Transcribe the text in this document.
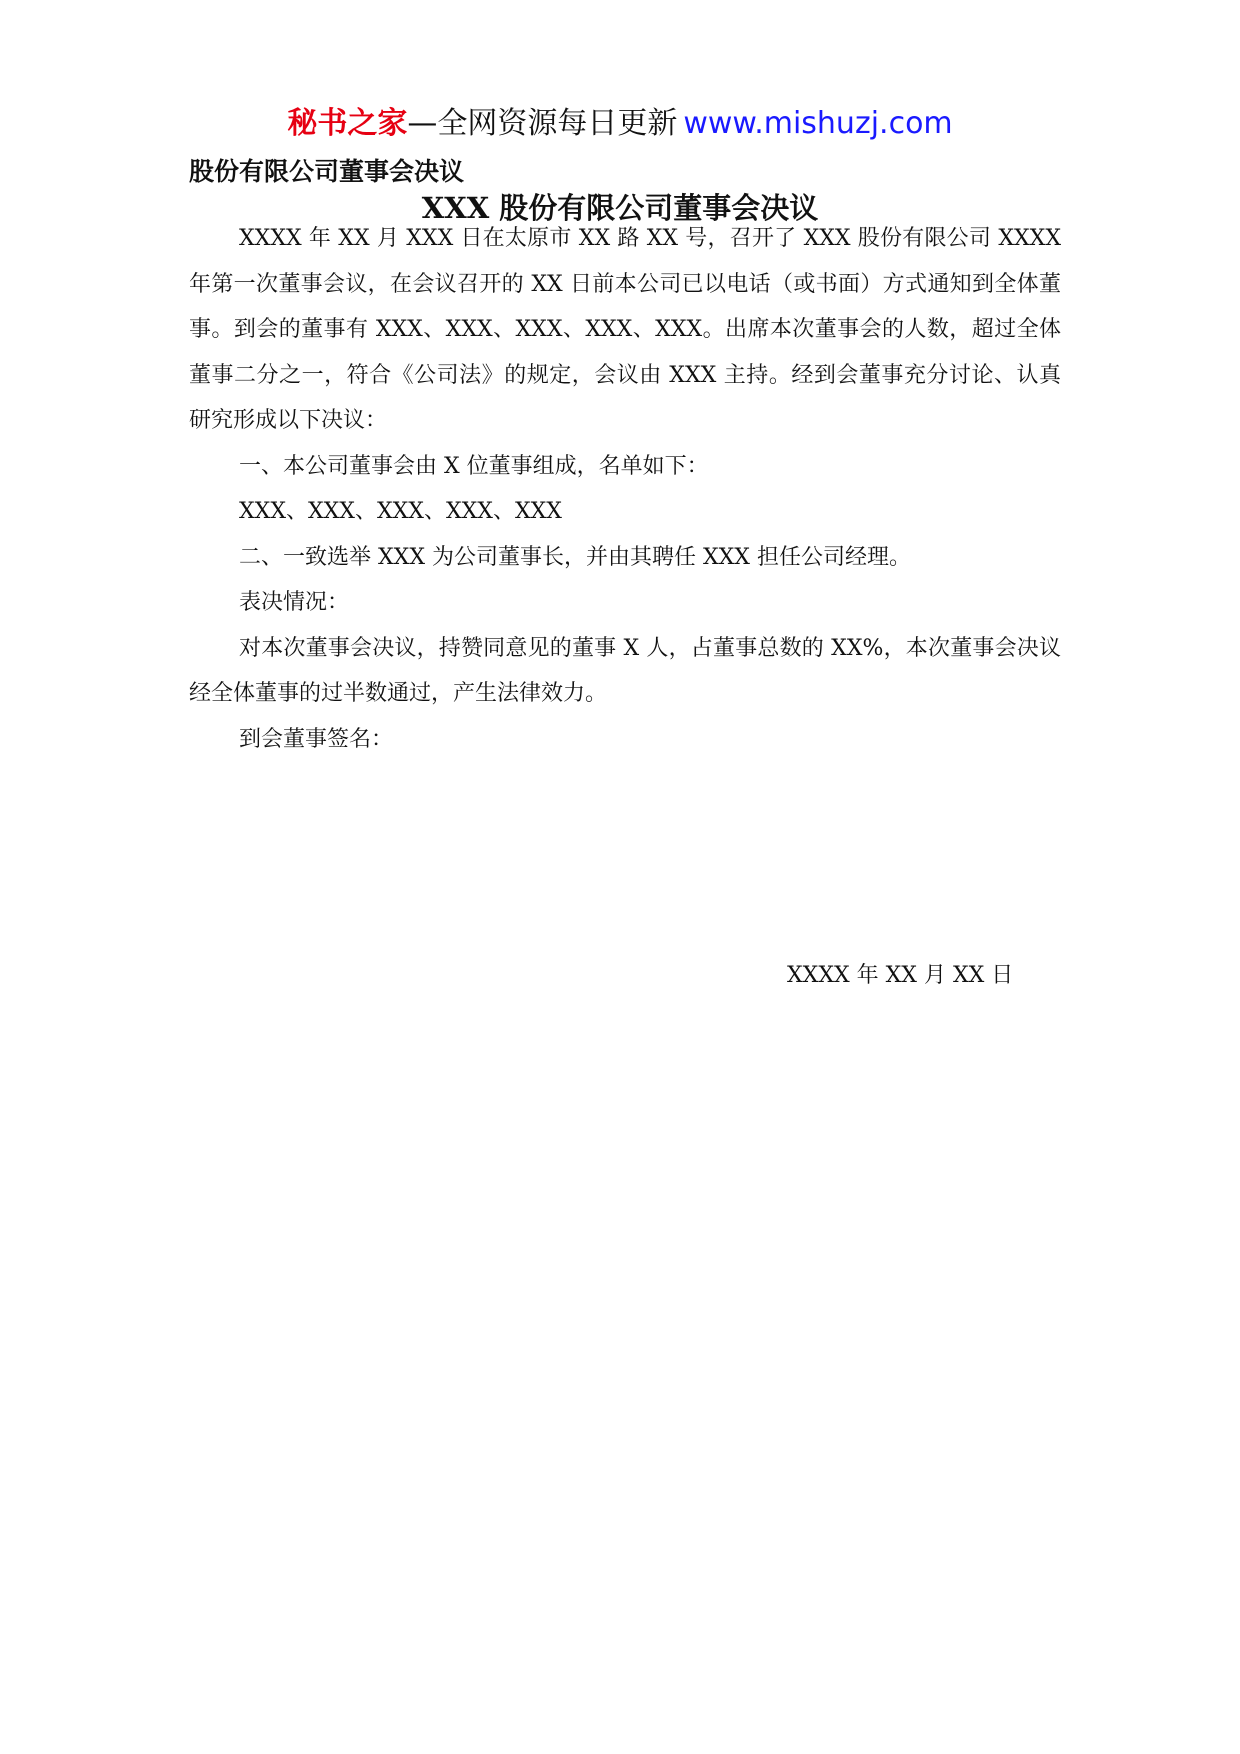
秘书之家—全网资源每日更新 www.mishuzj.com
股份有限公司董事会决议
XXX 股份有限公司董事会决议

XXXX 年 XX 月 XXX 日在太原市 XX 路 XX 号，召开了 XXX 股份有限公司 XXXX 年第一次董事会议，在会议召开的 XX 日前本公司已以电话（或书面）方式通知到全体董事。到会的董事有 XXX、XXX、XXX、XXX、XXX。出席本次董事会的人数，超过全体董事二分之一，符合《公司法》的规定，会议由 XXX 主持。经到会董事充分讨论、认真研究形成以下决议：

一、本公司董事会由 X 位董事组成，名单如下：

XXX、XXX、XXX、XXX、XXX

二、一致选举 XXX 为公司董事长，并由其聘任 XXX 担任公司经理。

表决情况：

对本次董事会决议，持赞同意见的董事 X 人，占董事总数的 XX%，本次董事会决议经全体董事的过半数通过，产生法律效力。

到会董事签名：

XXXX 年 XX 月 XX 日
